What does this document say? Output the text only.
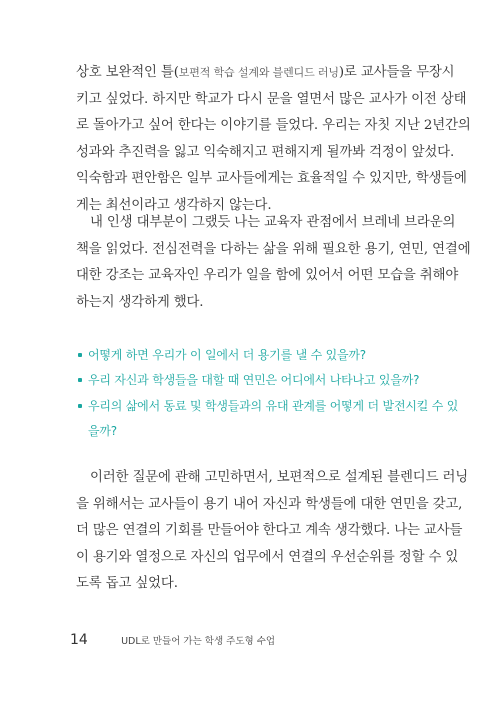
상호 보완적인 틀(보편적 학습 설계와 블렌디드 러닝)로 교사들을 무장시
키고 싶었다. 하지만 학교가 다시 문을 열면서 많은 교사가 이전 상태
로 돌아가고 싶어 한다는 이야기를 들었다. 우리는 자칫 지난 2년간의
성과와 추진력을 잃고 익숙해지고 편해지게 될까봐 걱정이 앞섰다.
익숙함과 편안함은 일부 교사들에게는 효율적일 수 있지만, 학생들에
게는 최선이라고 생각하지 않는다.
내 인생 대부분이 그랬듯 나는 교육자 관점에서 브레네 브라운의
책을 읽었다. 전심전력을 다하는 삶을 위해 필요한 용기, 연민, 연결에
대한 강조는 교육자인 우리가 일을 함에 있어서 어떤 모습을 취해야
하는지 생각하게 했다.
어떻게 하면 우리가 이 일에서 더 용기를 낼 수 있을까?
우리 자신과 학생들을 대할 때 연민은 어디에서 나타나고 있을까?
우리의 삶에서 동료 및 학생들과의 유대 관계를 어떻게 더 발전시킬 수 있
을까?
이러한 질문에 관해 고민하면서, 보편적으로 설계된 블렌디드 러닝
을 위해서는 교사들이 용기 내어 자신과 학생들에 대한 연민을 갖고,
더 많은 연결의 기회를 만들어야 한다고 계속 생각했다. 나는 교사들
이 용기와 열정으로 자신의 업무에서 연결의 우선순위를 정할 수 있
도록 돕고 싶었다.
14	UDL로 만들어 가는 학생 주도형 수업
